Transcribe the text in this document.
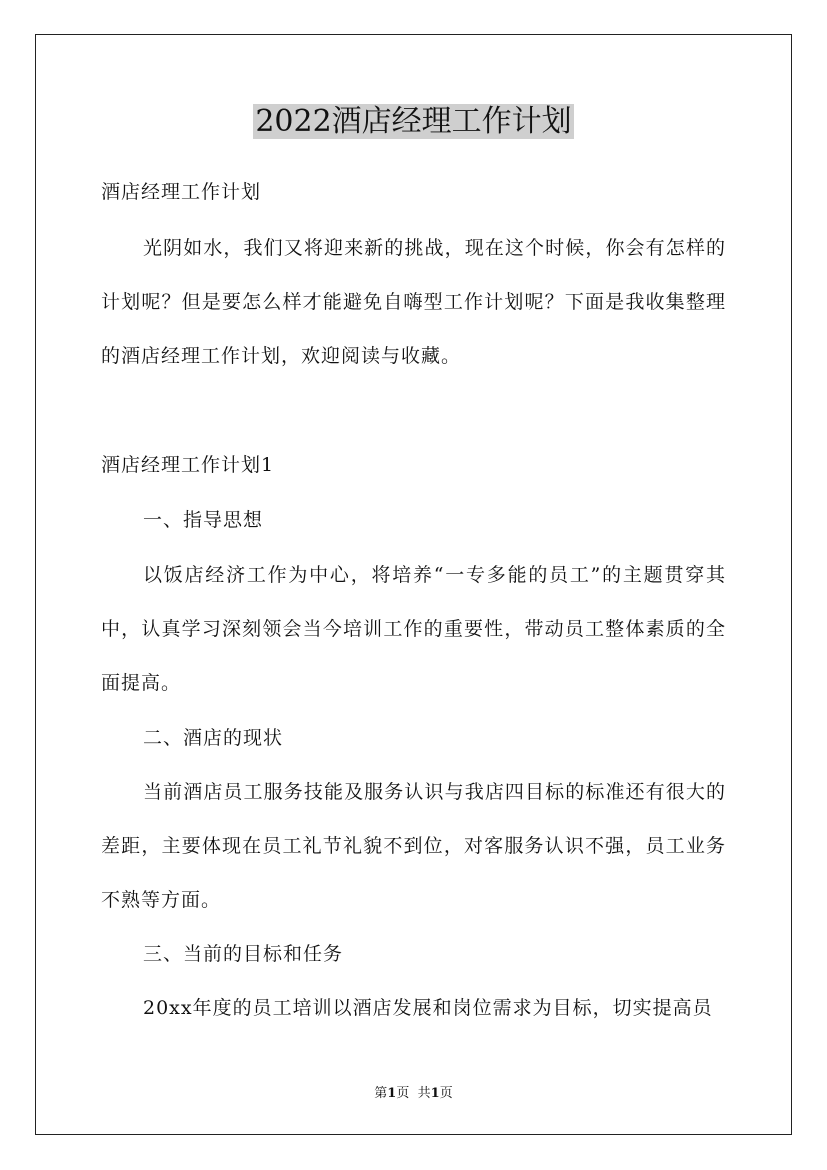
2022酒店经理工作计划

酒店经理工作计划

光阴如水，我们又将迎来新的挑战，现在这个时候，你会有怎样的计划呢？但是要怎么样才能避免自嗨型工作计划呢？下面是我收集整理的酒店经理工作计划，欢迎阅读与收藏。

酒店经理工作计划1

一、指导思想

以饭店经济工作为中心，将培养“一专多能的员工”的主题贯穿其中，认真学习深刻领会当今培训工作的重要性，带动员工整体素质的全面提高。

二、酒店的现状

当前酒店员工服务技能及服务认识与我店四目标的标准还有很大的差距，主要体现在员工礼节礼貌不到位，对客服务认识不强，员工业务不熟等方面。

三、当前的目标和任务

20xx年度的员工培训以酒店发展和岗位需求为目标，切实提高员

第1页 共1页
